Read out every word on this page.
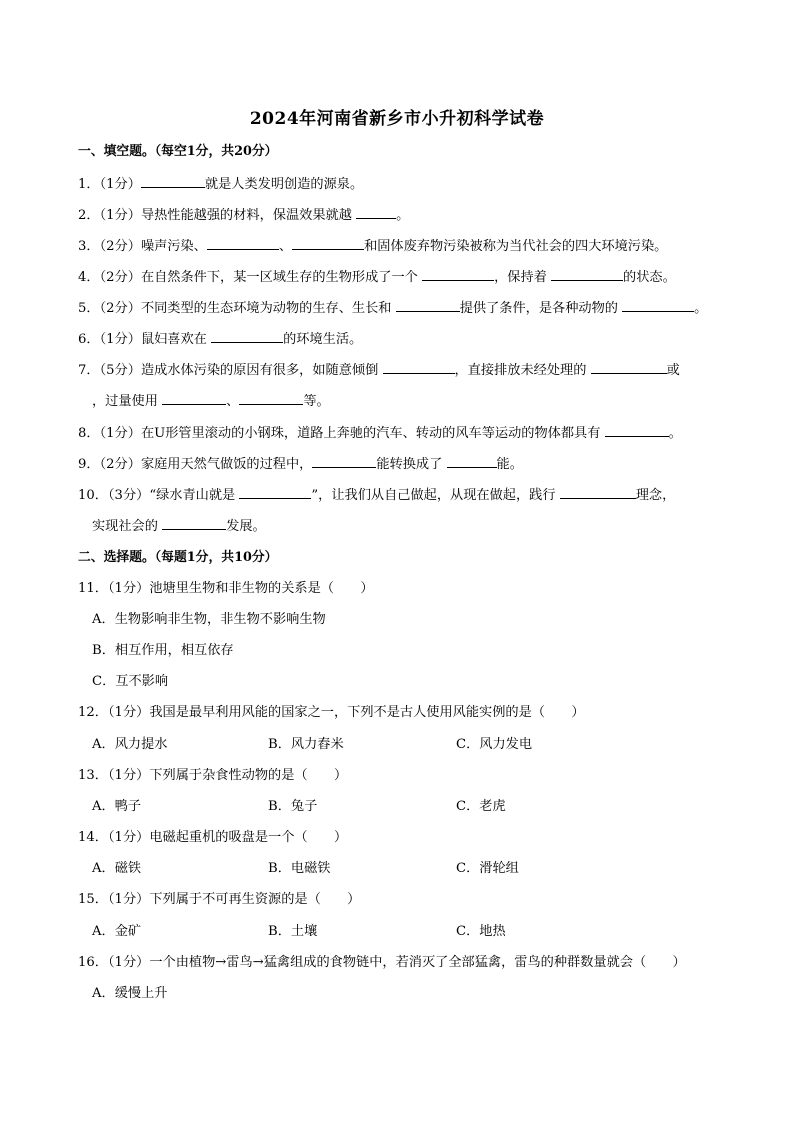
2024年河南省新乡市小升初科学试卷
一、填空题。（每空1分，共20分）
1．（1分）	就是人类发明创造的源泉。
2．（1分）导热性能越强的材料，保温效果就越	。
3．（2分）噪声污染、	、	和固体废弃物污染被称为当代社会的四大环境污染。
4．（2分）在自然条件下，某一区域生存的生物形成了一个	，保持着	的状态。
5．（2分）不同类型的生态环境为动物的生存、生长和	提供了条件，是各种动物的	。
6．（1分）鼠妇喜欢在	的环境生活。
7．（5分）造成水体污染的原因有很多，如随意倾倒	，直接排放未经处理的	或
，过量使用	、	等。
8．（1分）在U形管里滚动的小钢珠，道路上奔驰的汽车、转动的风车等运动的物体都具有	。
9．（2分）家庭用天然气做饭的过程中，	能转换成了	能。
10．（3分）“绿水青山就是	”，让我们从自己做起，从现在做起，践行	理念，
实现社会的	发展。
二、选择题。（每题1分，共10分）
11．（1分）池塘里生物和非生物的关系是（　　）
A．生物影响非生物，非生物不影响生物
B．相互作用，相互依存
C．互不影响
12．（1分）我国是最早利用风能的国家之一，下列不是古人使用风能实例的是（　　）
A．风力提水	B．风力舂米	C．风力发电
13．（1分）下列属于杂食性动物的是（　　）
A．鸭子	B．兔子	C．老虎
14．（1分）电磁起重机的吸盘是一个（　　）
A．磁铁	B．电磁铁	C．滑轮组
15．（1分）下列属于不可再生资源的是（　　）
A．金矿	B．土壤	C．地热
16．（1分）一个由植物→雷鸟→猛禽组成的食物链中，若消灭了全部猛禽，雷鸟的种群数量就会（　　）
A．缓慢上升
